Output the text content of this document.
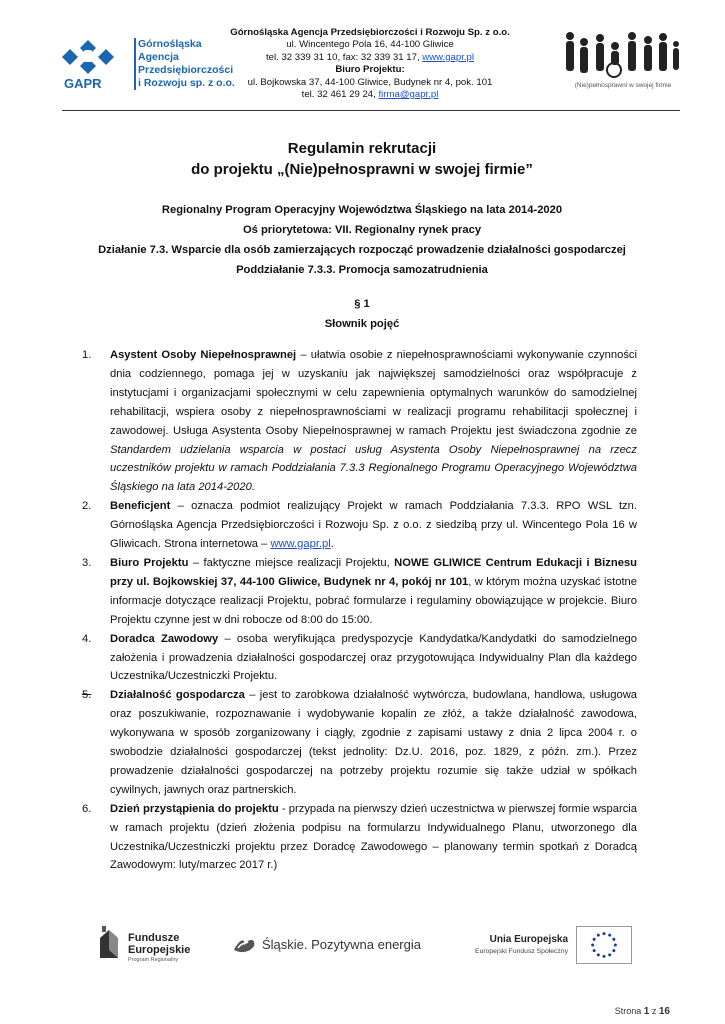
GAPR
Górnośląska
Agencja
Przedsiębiorczości
i Rozwoju sp. z o.o.
Górnośląska Agencja Przedsiębiorczości i Rozwoju Sp. z o.o.
ul. Wincentego Pola 16, 44-100 Gliwice
tel. 32 339 31 10, fax: 32 339 31 17, www.gapr.pl
Biuro Projektu:
ul. Bojkowska 37, 44-100 Gliwice, Budynek nr 4, pok. 101
tel. 32 461 29 24, firma@gapr.pl
(Nie)pełnosprawni w swojej firmie
Regulamin rekrutacji
do projektu „(Nie)pełnosprawni w swojej firmie”
Regionalny Program Operacyjny Województwa Śląskiego na lata 2014-2020
Oś priorytetowa: VII. Regionalny rynek pracy
Działanie 7.3. Wsparcie dla osób zamierzających rozpocząć prowadzenie działalności gospodarczej
Poddziałanie 7.3.3. Promocja samozatrudnienia
§ 1
Słownik pojęć
1. Asystent Osoby Niepełnosprawnej – ułatwia osobie z niepełnosprawnościami wykonywanie czynności dnia codziennego, pomaga jej w uzyskaniu jak największej samodzielności oraz współpracuje z instytucjami i organizacjami społecznymi w celu zapewnienia optymalnych warunków do samodzielnej rehabilitacji, wspiera osoby z niepełnosprawnościami w realizacji programu rehabilitacji społecznej i zawodowej. Usługa Asystenta Osoby Niepełnosprawnej w ramach Projektu jest świadczona zgodnie ze Standardem udzielania wsparcia w postaci usług Asystenta Osoby Niepełnosprawnej na rzecz uczestników projektu w ramach Poddziałania 7.3.3 Regionalnego Programu Operacyjnego Województwa Śląskiego na lata 2014-2020.
2. Beneficjent – oznacza podmiot realizujący Projekt w ramach Poddziałania 7.3.3. RPO WSL tzn. Górnośląska Agencja Przedsiębiorczości i Rozwoju Sp. z o.o. z siedzibą przy ul. Wincentego Pola 16 w Gliwicach. Strona internetowa – www.gapr.pl.
3. Biuro Projektu – faktyczne miejsce realizacji Projektu, NOWE GLIWICE Centrum Edukacji i Biznesu przy ul. Bojkowskiej 37, 44-100 Gliwice, Budynek nr 4, pokój nr 101, w którym można uzyskać istotne informacje dotyczące realizacji Projektu, pobrać formularze i regulaminy obowiązujące w projekcie. Biuro Projektu czynne jest w dni robocze od 8:00 do 15:00.
4. Doradca Zawodowy – osoba weryfikująca predyspozycje Kandydatka/Kandydatki do samodzielnego założenia i prowadzenia działalności gospodarczej oraz przygotowująca Indywidualny Plan dla każdego Uczestnika/Uczestniczki Projektu.
5. Działalność gospodarcza – jest to zarobkowa działalność wytwórcza, budowlana, handlowa, usługowa oraz poszukiwanie, rozpoznawanie i wydobywanie kopalin ze złóż, a także działalność zawodowa, wykonywana w sposób zorganizowany i ciągły, zgodnie z zapisami ustawy z dnia 2 lipca 2004 r. o swobodzie działalności gospodarczej (tekst jednolity: Dz.U. 2016, poz. 1829, z późn. zm.). Przez prowadzenie działalności gospodarczej na potrzeby projektu rozumie się także udział w spółkach cywilnych, jawnych oraz partnerskich.
6. Dzień przystąpienia do projektu - przypada na pierwszy dzień uczestnictwa w pierwszej formie wsparcia w ramach projektu (dzień złożenia podpisu na formularzu Indywidualnego Planu, utworzonego dla Uczestnika/Uczestniczki projektu przez Doradcę Zawodowego – planowany termin spotkań z Doradcą Zawodowym: luty/marzec 2017 r.)
Fundusze
Europejskie
Program Regionalny
Śląskie. Pozytywna energia	Unia Europejska
Europejski Fundusz Społeczny
Strona 1 z 16
